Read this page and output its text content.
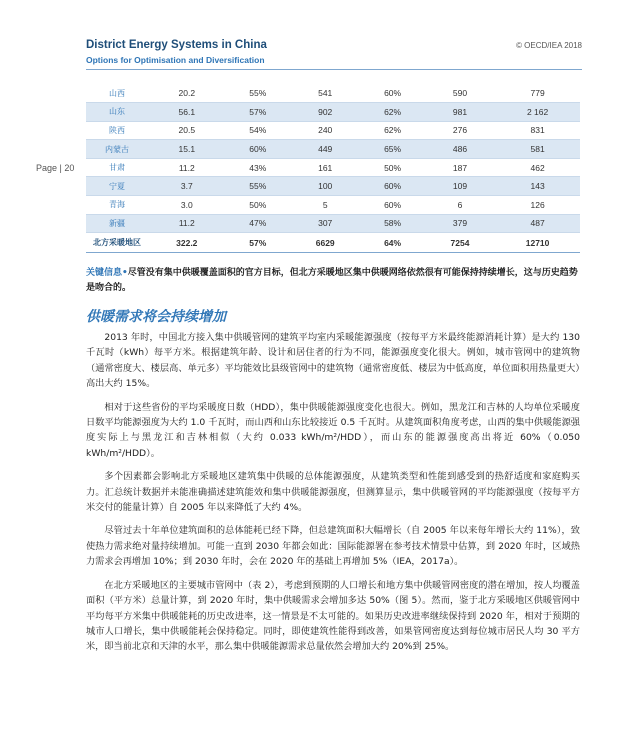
District Energy Systems in China
Options for Optimisation and Diversification
© OECD/IEA 2018
Page | 20
山西	20.2	55%	541	60%	590	779
山东	56.1	57%	902	62%	981	2 162
陕西	20.5	54%	240	62%	276	831
内蒙古	15.1	60%	449	65%	486	581
甘肃	11.2	43%	161	50%	187	462
宁夏	3.7	55%	100	60%	109	143
青海	3.0	50%	5	60%	6	126
新疆	11.2	47%	307	58%	379	487
北方采暖地区	322.2	57%	6629	64%	7254	12710
关键信息•尽管没有集中供暖覆盖面积的官方目标，但北方采暖地区集中供暖网络依然很有可能保持持续增长，这与历史趋势是吻合的。
供暖需求将会持续增加

2013 年时，中国北方接入集中供暖管网的建筑平均室内采暖能源强度（按每平方米最终能源消耗计算）是大约 130 千瓦时（kWh）每平方米。根据建筑年龄、设计和居住者的行为不同，能源强度变化很大。例如，城市管网中的建筑物（通常密度大、楼层高、单元多）平均能效比县级管网中的建筑物（通常密度低、楼层为中低高度，单位面积用热量更大）高出大约 15%。

相对于这些省份的平均采暖度日数（HDD），集中供暖能源强度变化也很大。例如，黑龙江和吉林的人均单位采暖度日数平均能源强度为大约 1.0 千瓦时，而山西和山东比较接近 0.5 千瓦时。从建筑面积角度考虑，山西的集中供暖能源强度实际上与黑龙江和吉林相似（大约 0.033 kWh/m²/HDD），而山东的能源强度高出将近 60%（0.050 kWh/m²/HDD）。

多个因素都会影响北方采暖地区建筑集中供暖的总体能源强度，从建筑类型和性能到感受到的热舒适度和家庭购买力。汇总统计数据并未能准确描述建筑能效和集中供暖能源强度，但测算显示，集中供暖管网的平均能源强度（按每平方米交付的能量计算）自 2005 年以来降低了大约 4%。

尽管过去十年单位建筑面积的总体能耗已经下降，但总建筑面积大幅增长（自 2005 年以来每年增长大约 11%），致使热力需求绝对量持续增加。可能一直到 2030 年都会如此：国际能源署在参考技术情景中估算，到 2020 年时，区域热力需求会再增加 10%；到 2030 年时，会在 2020 年的基础上再增加 5%（IEA，2017a）。

在北方采暖地区的主要城市管网中（表 2），考虑到预期的人口增长和地方集中供暖管网密度的潜在增加，按人均覆盖面积（平方米）总量计算，到 2020 年时，集中供暖需求会增加多达 50%（图 5）。然而，鉴于北方采暖地区供暖管网中平均每平方米集中供暖能耗的历史改进率，这一情景是不太可能的。如果历史改进率继续保持到 2020 年，相对于预期的城市人口增长，集中供暖能耗会保持稳定。同时，即使建筑性能得到改善，如果管网密度达到每位城市居民人均 30 平方米，即当前北京和天津的水平，那么集中供暖能源需求总量依然会增加大约 20%到 25%。
